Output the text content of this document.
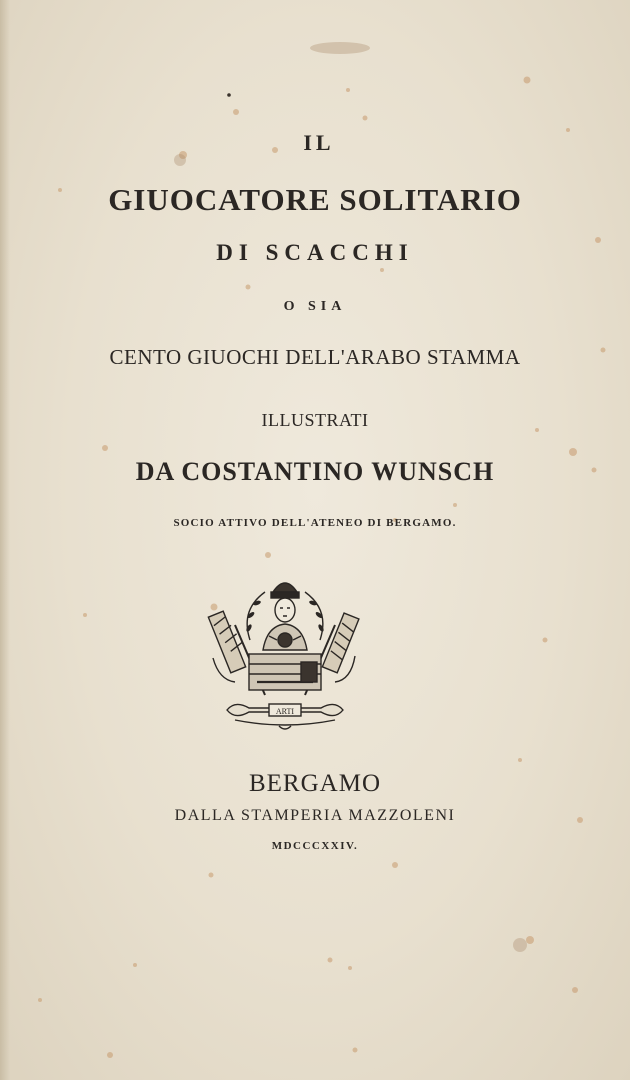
IL
GIUOCATORE SOLITARIO
DI SCACCHI
O SIA
CENTO GIUOCHI DELL'ARABO STAMMA
ILLUSTRATI
DA COSTANTINO WUNSCH
SOCIO ATTIVO DELL'ATENEO DI BERGAMO.
ARTI
BERGAMO
DALLA STAMPERIA MAZZOLENI
MDCCCXXIV.
